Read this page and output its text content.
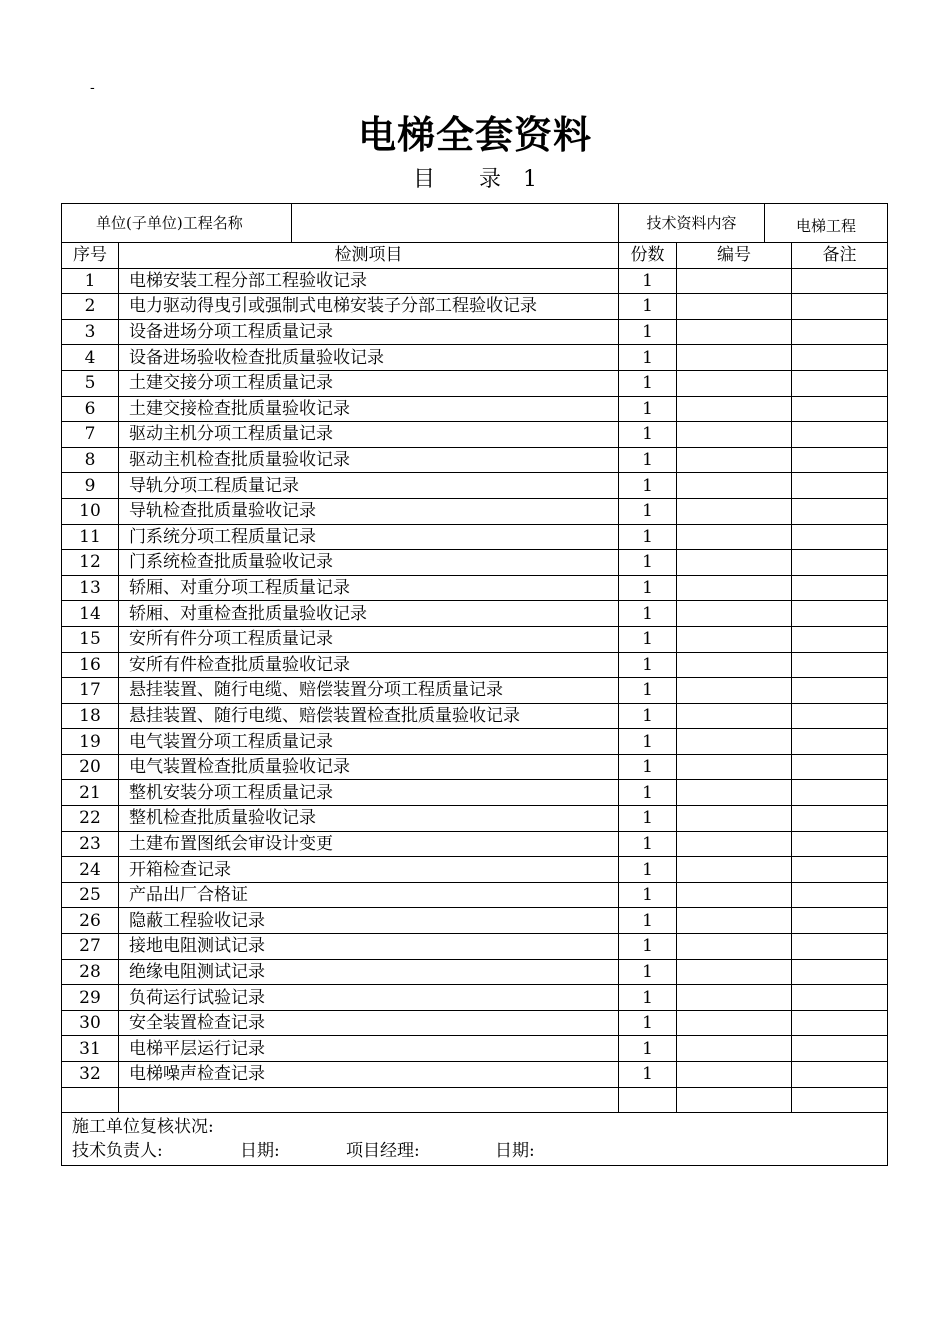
-
电梯全套资料
目　　录　1
单位(子单位)工程名称			技术资料内容		电梯工程	
序号	检测项目		份数	编号		备注
1	电梯安装工程分部工程验收记录		1			
2	电力驱动得曳引或强制式电梯安装子分部工程验收记录		1			
3	设备进场分项工程质量记录		1			
4	设备进场验收检查批质量验收记录		1			
5	土建交接分项工程质量记录		1			
6	土建交接检查批质量验收记录		1			
7	驱动主机分项工程质量记录		1			
8	驱动主机检查批质量验收记录		1			
9	导轨分项工程质量记录		1			
10	导轨检查批质量验收记录		1			
11	门系统分项工程质量记录		1			
12	门系统检查批质量验收记录		1			
13	轿厢、对重分项工程质量记录		1			
14	轿厢、对重检查批质量验收记录		1			
15	安所有件分项工程质量记录		1			
16	安所有件检查批质量验收记录		1			
17	悬挂装置、随行电缆、赔偿装置分项工程质量记录		1			
18	悬挂装置、随行电缆、赔偿装置检查批质量验收记录		1			
19	电气装置分项工程质量记录		1			
20	电气装置检查批质量验收记录		1			
21	整机安装分项工程质量记录		1			
22	整机检查批质量验收记录		1			
23	土建布置图纸会审设计变更		1			
24	开箱检查记录		1			
25	产品出厂合格证		1			
26	隐蔽工程验收记录		1			
27	接地电阻测试记录		1			
28	绝缘电阻测试记录		1			
29	负荷运行试验记录		1			
30	安全装置检查记录		1			
31	电梯平层运行记录		1			
32	电梯噪声检查记录		1			

施工单位复核状况:
技术负责人: 日期: 项目经理: 日期:						
